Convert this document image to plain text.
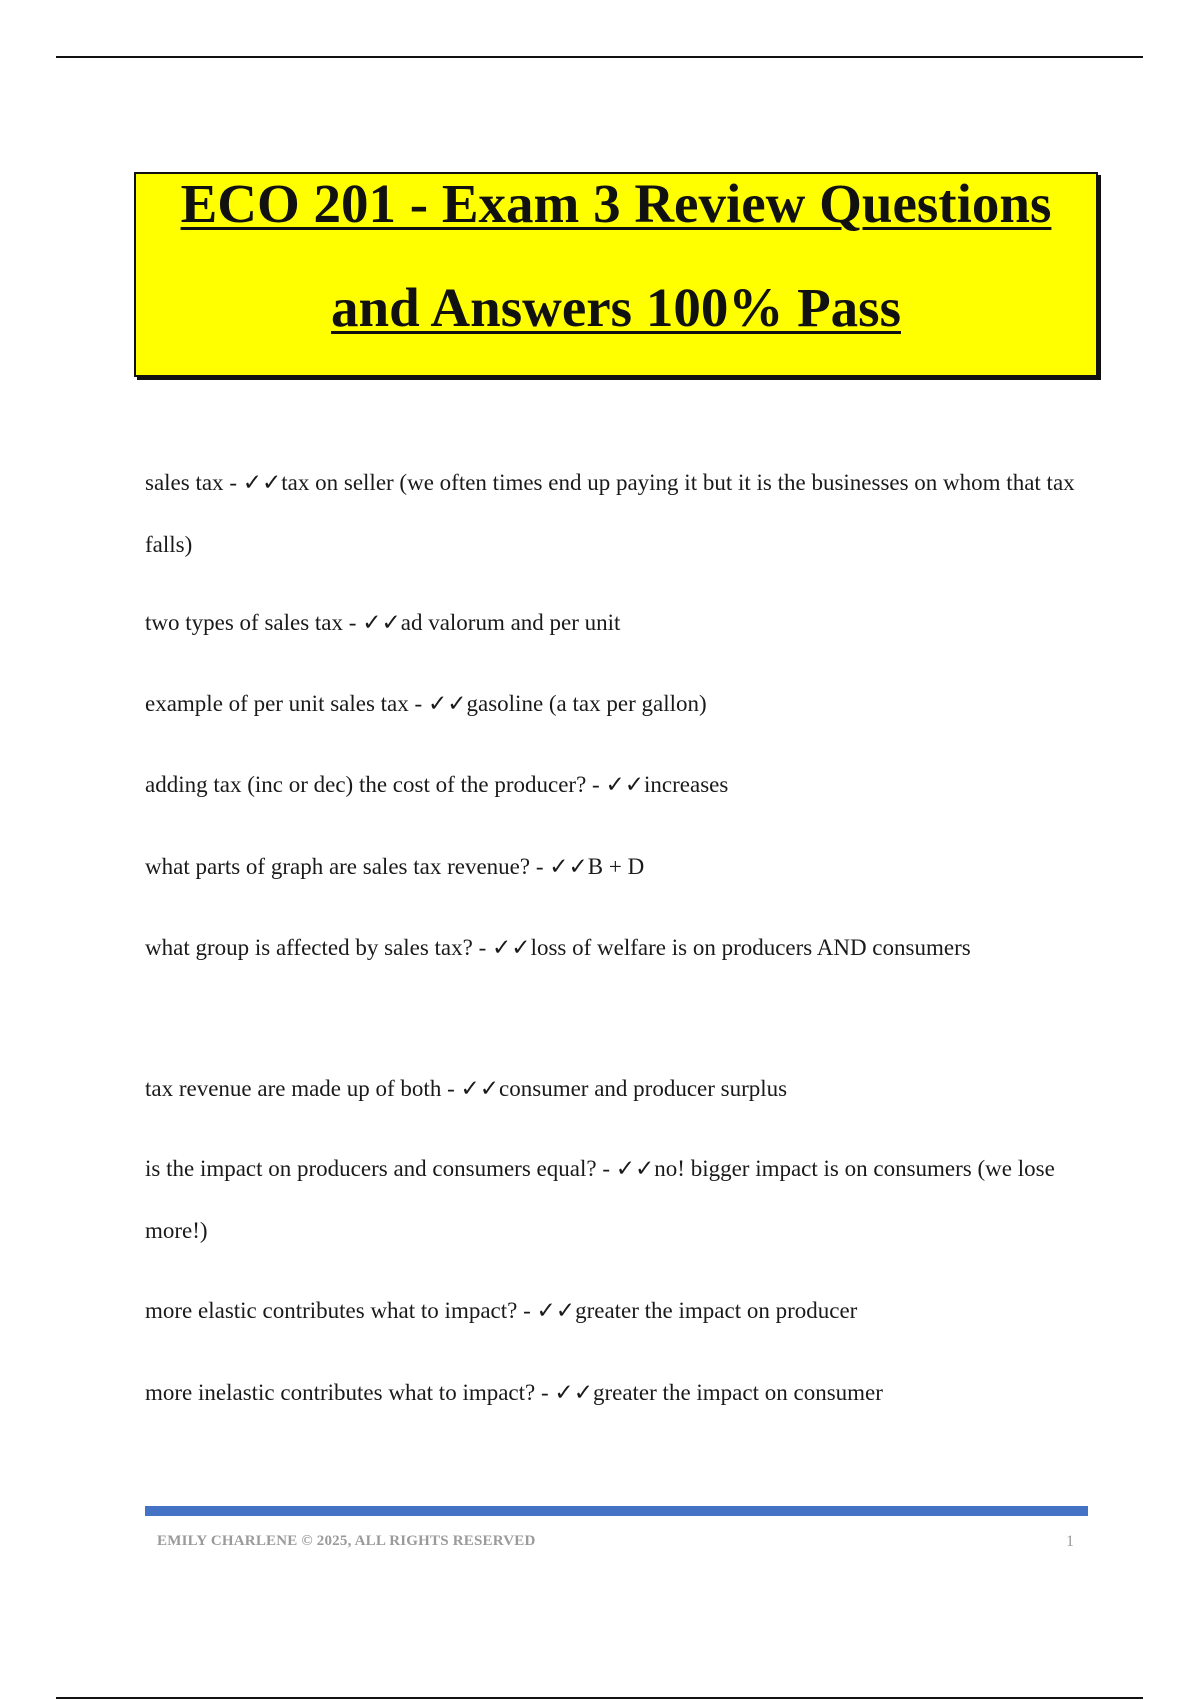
ECO 201 - Exam 3 Review Questions
and Answers 100% Pass
sales tax - ✓✓tax on seller (we often times end up paying it but it is the businesses on whom that tax falls)
two types of sales tax - ✓✓ad valorum and per unit
example of per unit sales tax - ✓✓gasoline (a tax per gallon)
adding tax (inc or dec) the cost of the producer? - ✓✓increases
what parts of graph are sales tax revenue? - ✓✓B + D
what group is affected by sales tax? - ✓✓loss of welfare is on producers AND consumers
tax revenue are made up of both - ✓✓consumer and producer surplus
is the impact on producers and consumers equal? - ✓✓no! bigger impact is on consumers (we lose more!)
more elastic contributes what to impact? - ✓✓greater the impact on producer
more inelastic contributes what to impact? - ✓✓greater the impact on consumer
EMILY CHARLENE © 2025, ALL RIGHTS RESERVED	1
